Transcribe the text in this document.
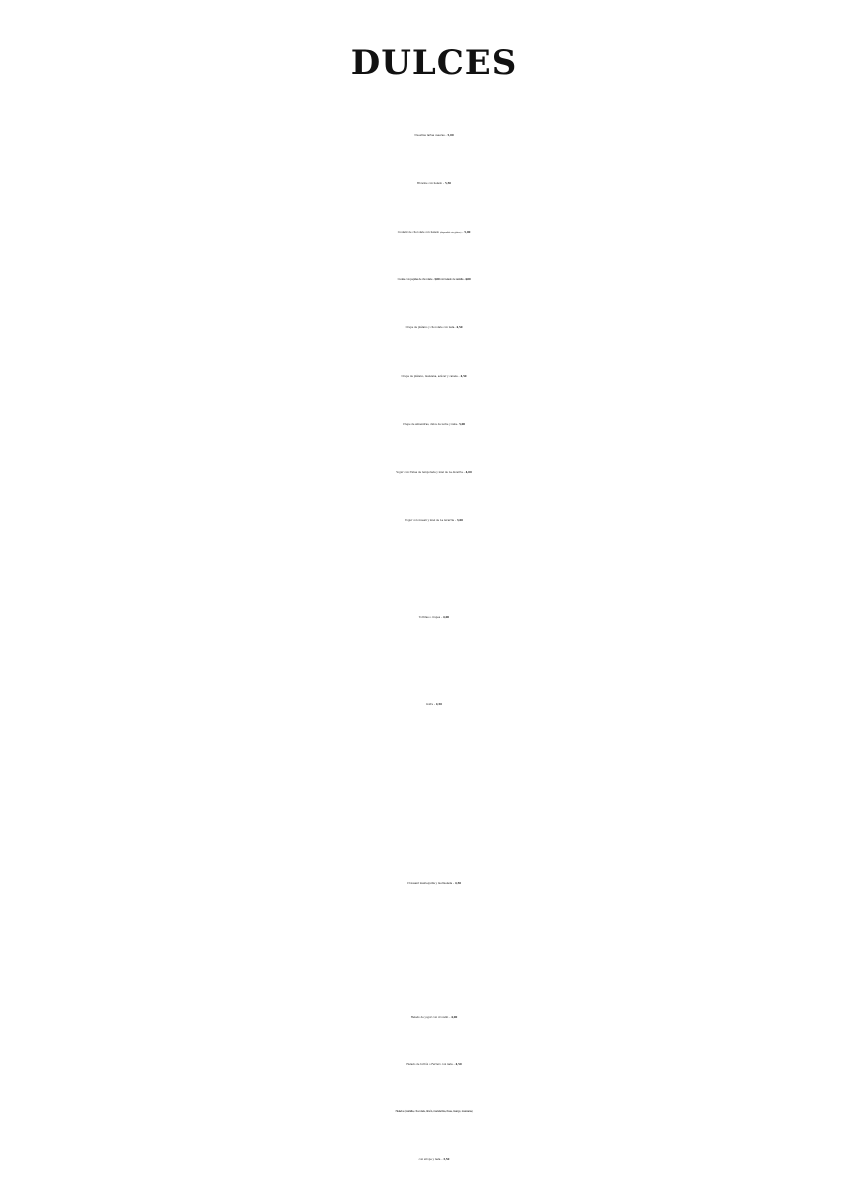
DULCES
Nuestras tartas caseras – 5,00
Brownie con helado – 5,50
Coulant de chocolate con helado (disponible sin gluten) – 5,00
Cookie con pepitas de chocolate - 3,00 con helado de vainilla - 4,00
Crepe de plátano y chocolate con nata– 4,50
Crepe de plátano, manzana, azúcar y canela – 4,50
Crepe de almendras, dulce de leche y nata– 5,00
Yogur con frutas de temporada y miel de La Alcarria – 4,00
Yogur con muesli y miel de La Alcarria – 3,00
Tortitas o crepes – 4,00
Gofre – 4,50
Croissant mantequilla y mermelada – 4,50
Helado de yogur con crocanti – 4,00
Helado de turrón o Ferrero con nata – 4,50
Helados (vainilla, chocolate, limón, mandarina, fresa, mango, manzana)
con sirope y nata – 3,50
